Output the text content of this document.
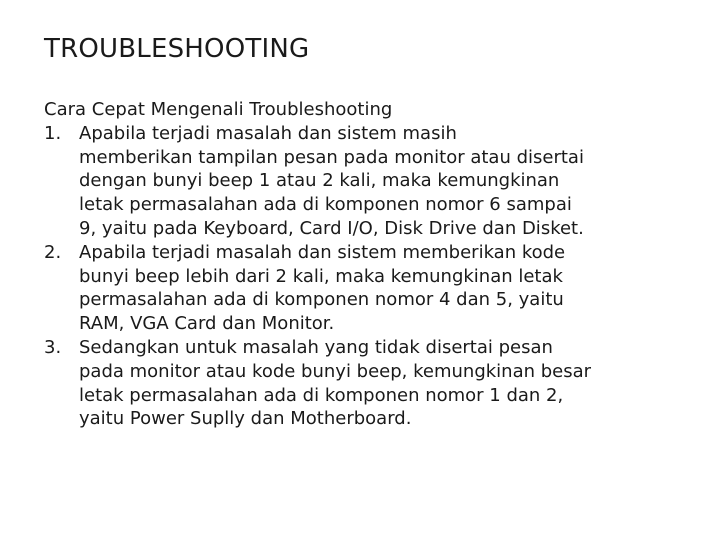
TROUBLESHOOTING
Cara Cepat Mengenali Troubleshooting
1. Apabila terjadi masalah dan sistem masih
memberikan tampilan pesan pada monitor atau disertai
dengan bunyi beep 1 atau 2 kali, maka kemungkinan
letak permasalahan ada di komponen nomor 6 sampai
9, yaitu pada Keyboard, Card I/O, Disk Drive dan Disket.
2. Apabila terjadi masalah dan sistem memberikan kode
bunyi beep lebih dari 2 kali, maka kemungkinan letak
permasalahan ada di komponen nomor 4 dan 5, yaitu
RAM, VGA Card dan Monitor.
3. Sedangkan untuk masalah yang tidak disertai pesan
pada monitor atau kode bunyi beep, kemungkinan besar
letak permasalahan ada di komponen nomor 1 dan 2,
yaitu Power Suplly dan Motherboard.
